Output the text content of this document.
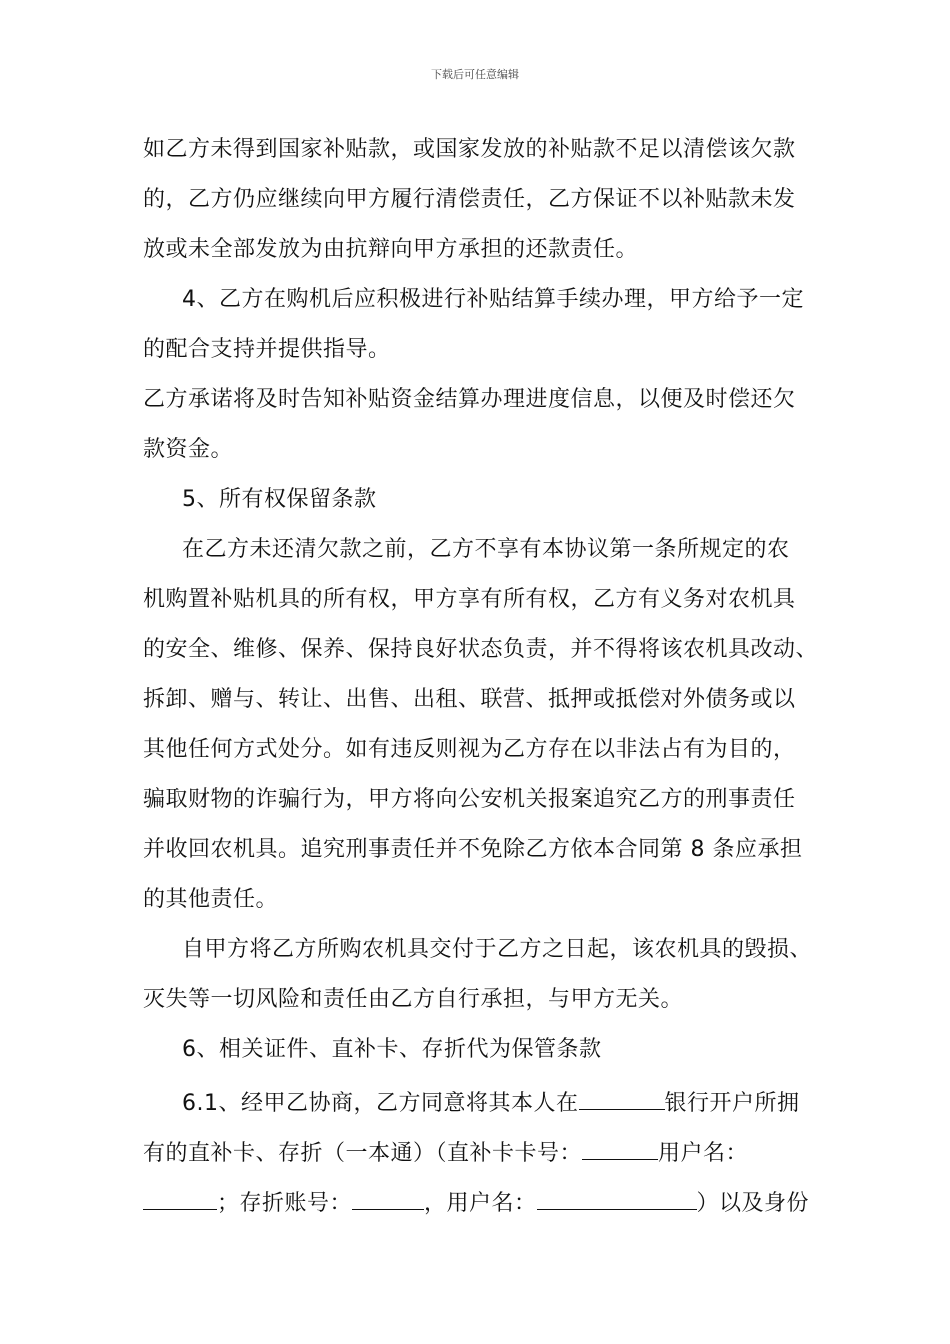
下载后可任意编辑
如乙方未得到国家补贴款，或国家发放的补贴款不足以清偿该欠款
的，乙方仍应继续向甲方履行清偿责任，乙方保证不以补贴款未发
放或未全部发放为由抗辩向甲方承担的还款责任。
4、乙方在购机后应积极进行补贴结算手续办理，甲方给予一定
的配合支持并提供指导。
乙方承诺将及时告知补贴资金结算办理进度信息，以便及时偿还欠
款资金。
5、所有权保留条款
在乙方未还清欠款之前，乙方不享有本协议第一条所规定的农
机购置补贴机具的所有权，甲方享有所有权，乙方有义务对农机具
的安全、维修、保养、保持良好状态负责，并不得将该农机具改动、
拆卸、赠与、转让、出售、出租、联营、抵押或抵偿对外债务或以
其他任何方式处分。如有违反则视为乙方存在以非法占有为目的，
骗取财物的诈骗行为，甲方将向公安机关报案追究乙方的刑事责任
并收回农机具。追究刑事责任并不免除乙方依本合同第 8 条应承担
的其他责任。
自甲方将乙方所购农机具交付于乙方之日起，该农机具的毁损、
灭失等一切风险和责任由乙方自行承担，与甲方无关。
6、相关证件、直补卡、存折代为保管条款
6.1、经甲乙协商，乙方同意将其本人在	银行开户所拥
有的直补卡、存折（一本通）（直补卡卡号：	用户名：
；存折账号：	，用户名：	）以及身份
